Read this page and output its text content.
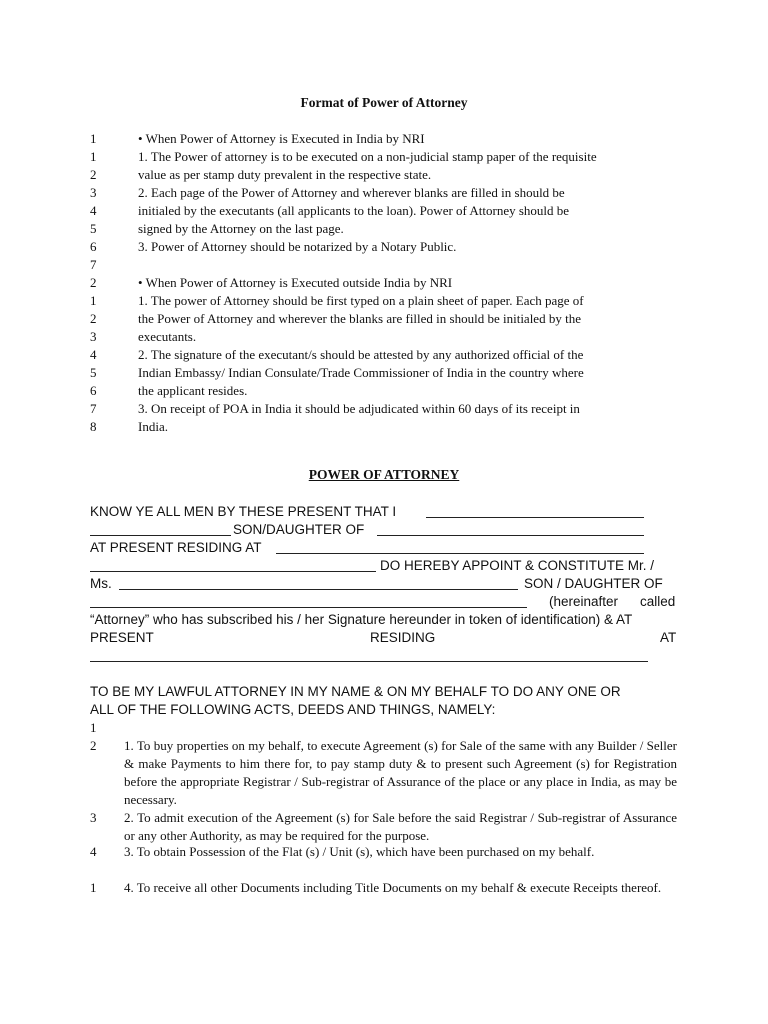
Format of Power of Attorney
1	• When Power of Attorney is Executed in India by NRI
1	1. The Power of attorney is to be executed on a non-judicial stamp paper of the requisite
2	value as per stamp duty prevalent in the respective state.
3	2. Each page of the Power of Attorney and wherever blanks are filled in should be
4	initialed by the executants (all applicants to the loan). Power of Attorney should be
5	signed by the Attorney on the last page.
6	3. Power of Attorney should be notarized by a Notary Public.
7
2	• When Power of Attorney is Executed outside India by NRI
1	1. The power of Attorney should be first typed on a plain sheet of paper. Each page of
2	the Power of Attorney and wherever the blanks are filled in should be initialed by the
3	executants.
4	2. The signature of the executant/s should be attested by any authorized official of the
5	Indian Embassy/ Indian Consulate/Trade Commissioner of India in the country where
6	the applicant resides.
7	3. On receipt of POA in India it should be adjudicated within 60 days of its receipt in
8	India.
POWER OF ATTORNEY
KNOW YE ALL MEN BY THESE PRESENT THAT I
SON/DAUGHTER OF
AT PRESENT RESIDING AT
DO HEREBY APPOINT & CONSTITUTE Mr. /
Ms.	SON / DAUGHTER OF
(hereinafter called
“Attorney” who has subscribed his / her Signature hereunder in token of identification) & AT
PRESENT	RESIDING	AT
TO BE MY LAWFUL ATTORNEY IN MY NAME & ON MY BEHALF TO DO ANY ONE OR
ALL OF THE FOLLOWING ACTS, DEEDS AND THINGS, NAMELY:
1
2 1. To buy properties on my behalf, to execute Agreement (s) for Sale of the same with any Builder / Seller & make Payments to him there for, to pay stamp duty & to present such Agreement (s) for Registration before the appropriate Registrar / Sub-registrar of Assurance of the place or any place in India, as may be necessary.
3 2. To admit execution of the Agreement (s) for Sale before the said Registrar / Sub-registrar of Assurance or any other Authority, as may be required for the purpose.
4 3. To obtain Possession of the Flat (s) / Unit (s), which have been purchased on my behalf.
1 4. To receive all other Documents including Title Documents on my behalf & execute Receipts thereof.
